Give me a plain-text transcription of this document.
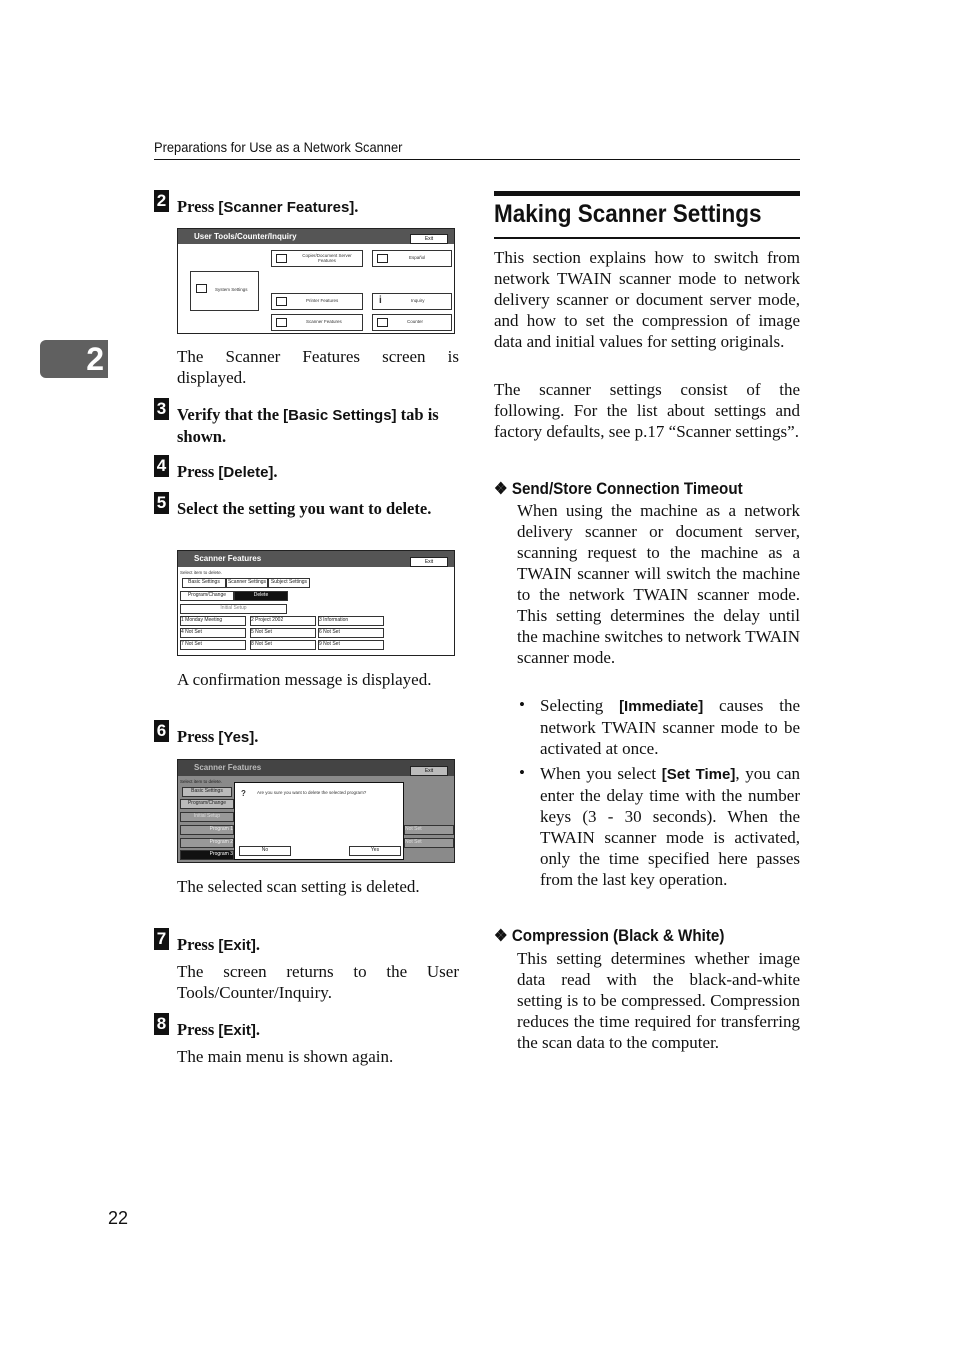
Preparations for Use as a Network Scanner
2
2 Press [Scanner Features].
User Tools/Counter/Inquiry	Exit
System Settings
Copier/Document Server Features
Español
Printer Features	i	Inquiry
Scanner Features	Counter
The Scanner Features screen is displayed.
3 Verify that the [Basic Settings] tab is shown.
4 Press [Delete].
5 Select the setting you want to delete.
Scanner Features	Exit
Select item to delete.
Basic Settings	Scanner Settings Subject Settings
Program/Change	Delete
Initial Setup
1 Monday Meeting	2 Project 2002	3 Information
4 Not Set	5 Not Set	6 Not Set
7 Not Set	8 Not Set	9 Not Set
A confirmation message is displayed.
6 Press [Yes].
Scanner Features	Exit
Select item to delete.
Basic Settings
Program/Change
Initial Setup
Program 1
Program 2
Program 3
Not Set
Not Set
? Are you sure you want to delete the selected program?
No	Yes
The selected scan setting is deleted.
7 Press [Exit].
The screen returns to the User Tools/Counter/Inquiry.
8 Press [Exit].
The main menu is shown again.
Making Scanner Settings
This section explains how to switch from network TWAIN scanner mode to network delivery scanner or document server mode, and how to set the compression of image data and initial values for setting originals.
The scanner settings consist of the following. For the list about settings and factory defaults, see p.17 “Scanner settings”.
❖ Send/Store Connection Timeout
When using the machine as a network delivery scanner or document server, scanning request to the machine as a TWAIN scanner will switch the machine to the network TWAIN scanner mode. This setting determines the delay until the machine switches to network TWAIN scanner mode.
• Selecting [Immediate] causes the network TWAIN scanner mode to be activated at once.
• When you select [Set Time], you can enter the delay time with the number keys (3 - 30 seconds). When the TWAIN scanner mode is activated, only the time specified here passes from the last key operation.
❖ Compression (Black & White)
This setting determines whether image data read with the black-and-white setting is to be compressed. Compression reduces the time required for transferring the scan data to the computer.
22
